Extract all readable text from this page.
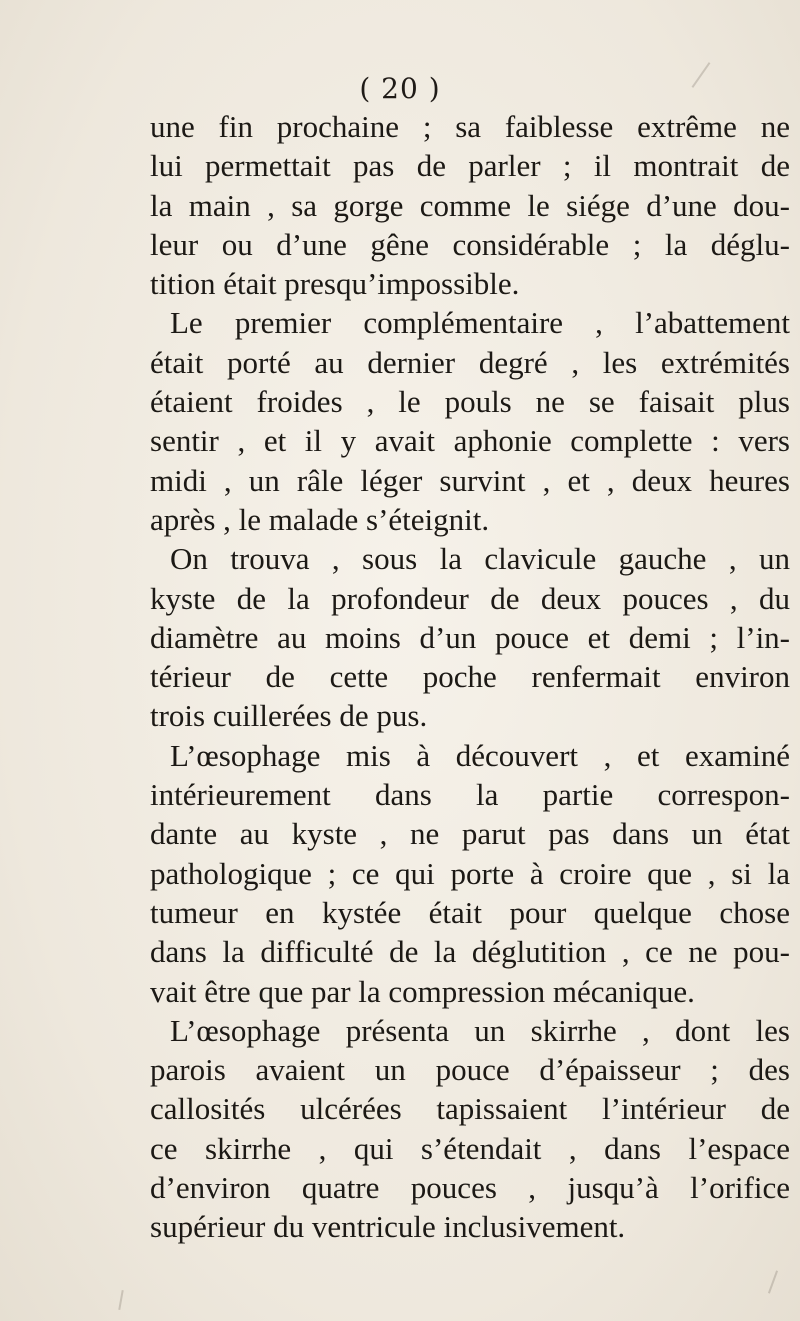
( 20 )
une fin prochaine ; sa faiblesse extrême ne
lui permettait pas de parler ; il montrait de
la main , sa gorge comme le siége d’une dou-
leur ou d’une gêne considérable ; la déglu-
tition était presqu’impossible.
Le premier complémentaire , l’abattement
était porté au dernier degré , les extrémités
étaient froides , le pouls ne se faisait plus
sentir , et il y avait aphonie complette : vers
midi , un râle léger survint , et , deux heures
après , le malade s’éteignit.
On trouva , sous la clavicule gauche , un
kyste de la profondeur de deux pouces , du
diamètre au moins d’un pouce et demi ; l’in-
térieur de cette poche renfermait environ
trois cuillerées de pus.
L’œsophage mis à découvert , et examiné
intérieurement dans la partie correspon-
dante au kyste , ne parut pas dans un état
pathologique ; ce qui porte à croire que , si la
tumeur en kystée était pour quelque chose
dans la difficulté de la déglutition , ce ne pou-
vait être que par la compression mécanique.
L’œsophage présenta un skirrhe , dont les
parois avaient un pouce d’épaisseur ; des
callosités ulcérées tapissaient l’intérieur de
ce skirrhe , qui s’étendait , dans l’espace
d’environ quatre pouces , jusqu’à l’orifice
supérieur du ventricule inclusivement.
